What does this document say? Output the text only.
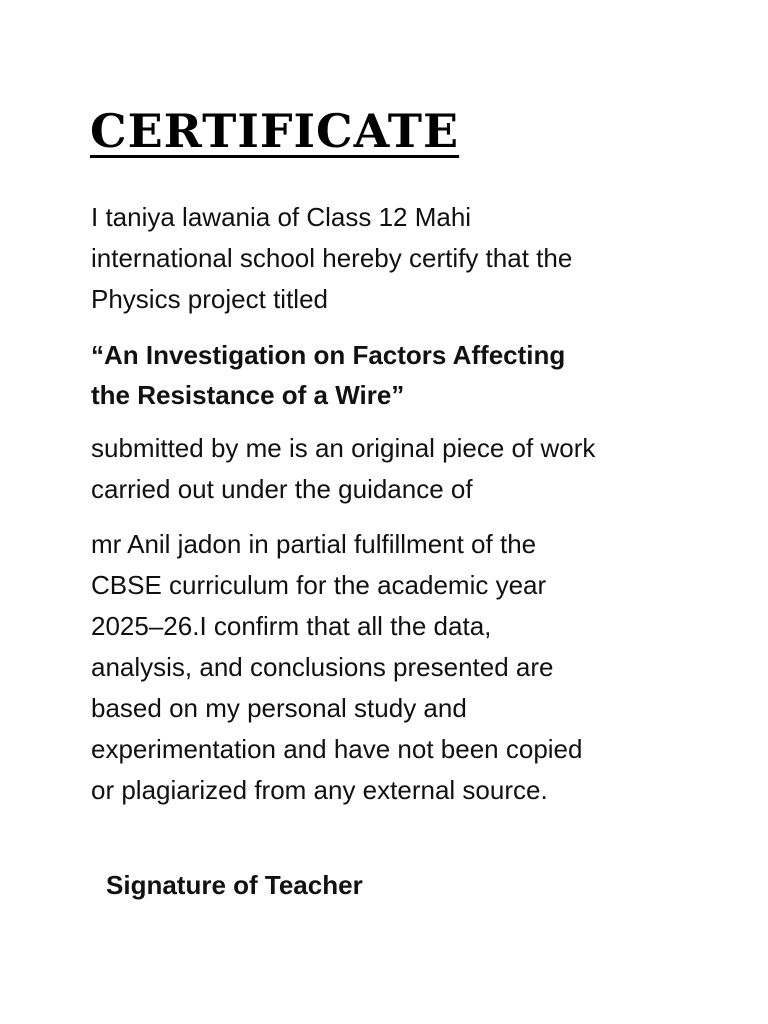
CERTIFICATE

I taniya lawania of Class 12 Mahi
international school hereby certify that the
Physics project titled

“An Investigation on Factors Affecting
the Resistance of a Wire”

submitted by me is an original piece of work
carried out under the guidance of

mr Anil jadon in partial fulfillment of the
CBSE curriculum for the academic year
2025–26.I confirm that all the data,
analysis, and conclusions presented are
based on my personal study and
experimentation and have not been copied
or plagiarized from any external source.

Signature of Teacher
